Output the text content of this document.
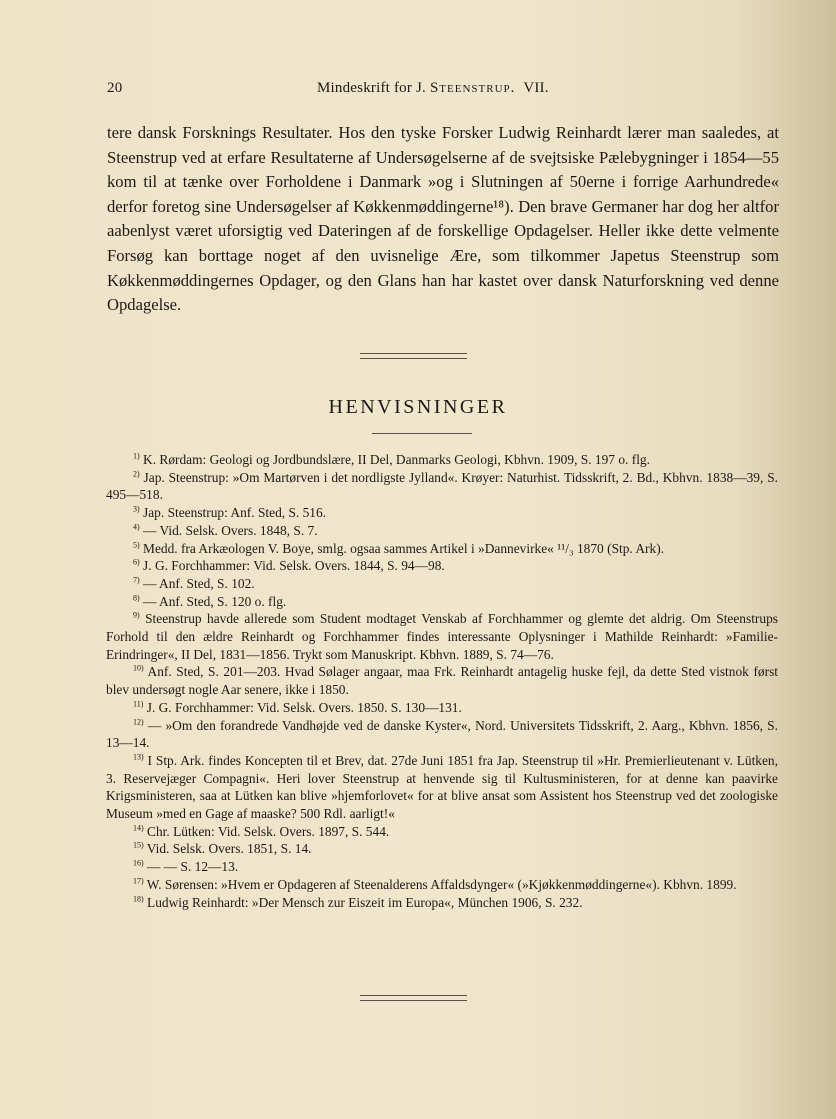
20	Mindeskrift for J. Steenstrup. VII.

tere dansk Forsknings Resultater. Hos den tyske Forsker Ludwig Reinhardt lærer man saaledes, at Steenstrup ved at erfare Resultaterne af Undersøgelserne af de svejtsiske Pælebygninger i 1854—55 kom til at tænke over Forholdene i Danmark »og i Slutningen af 50erne i forrige Aarhundrede« derfor foretog sine Undersøgelser af Køkkenmøddingerne¹⁸). Den brave Germaner har dog her altfor aabenlyst været uforsigtig ved Dateringen af de forskellige Opdagelser. Heller ikke dette velmente Forsøg kan borttage noget af den uvisnelige Ære, som tilkommer Japetus Steenstrup som Køkkenmøddingernes Opdager, og den Glans han har kastet over dansk Naturforskning ved denne Opdagelse.

HENVISNINGER

$^{1)}$ K. Rørdam: Geologi og Jordbundslære, II Del, Danmarks Geologi, Kbhvn. 1909, S. 197 o. flg.

$^{2)}$ Jap. Steenstrup: »Om Martørven i det nordligste Jylland«. Krøyer: Naturhist. Tidsskrift, 2. Bd., Kbhvn. 1838—39, S. 495—518.

$^{3)}$ Jap. Steenstrup: Anf. Sted, S. 516.

$^{4)}$ — Vid. Selsk. Overs. 1848, S. 7.

$^{5)}$ Medd. fra Arkæologen V. Boye, smlg. ogsaa sammes Artikel i »Dannevirke« ¹¹/₃ 1870 (Stp. Ark).

$^{6)}$ J. G. Forchhammer: Vid. Selsk. Overs. 1844, S. 94—98.

$^{7)}$ — Anf. Sted, S. 102.

$^{8)}$ — Anf. Sted, S. 120 o. flg.

$^{9)}$ Steenstrup havde allerede som Student modtaget Venskab af Forchhammer og glemte det aldrig. Om Steenstrups Forhold til den ældre Reinhardt og Forchhammer findes interessante Oplysninger i Mathilde Reinhardt: »Familie-Erindringer«, II Del, 1831—1856. Trykt som Manuskript. Kbhvn. 1889, S. 74—76.

$^{10)}$ Anf. Sted, S. 201—203. Hvad Sølager angaar, maa Frk. Reinhardt antagelig huske fejl, da dette Sted vistnok først blev undersøgt nogle Aar senere, ikke i 1850.

$^{11)}$ J. G. Forchhammer: Vid. Selsk. Overs. 1850. S. 130—131.

$^{12)}$ — »Om den forandrede Vandhøjde ved de danske Kyster«, Nord. Universitets Tidsskrift, 2. Aarg., Kbhvn. 1856, S. 13—14.

$^{13)}$ I Stp. Ark. findes Koncepten til et Brev, dat. 27de Juni 1851 fra Jap. Steenstrup til »Hr. Premierlieutenant v. Lütken, 3. Reservejæger Compagni«. Heri lover Steenstrup at henvende sig til Kultusministeren, for at denne kan paavirke Krigsministeren, saa at Lütken kan blive »hjemforlovet« for at blive ansat som Assistent hos Steenstrup ved det zoologiske Museum »med en Gage af maaske? 500 Rdl. aarligt!«

$^{14)}$ Chr. Lütken: Vid. Selsk. Overs. 1897, S. 544.

$^{15)}$ Vid. Selsk. Overs. 1851, S. 14.

$^{16)}$ — — S. 12—13.

$^{17)}$ W. Sørensen: »Hvem er Opdageren af Steenalderens Affaldsdynger« (»Kjøkkenmøddingerne«). Kbhvn. 1899.

$^{18)}$ Ludwig Reinhardt: »Der Mensch zur Eiszeit im Europa«, München 1906, S. 232.
